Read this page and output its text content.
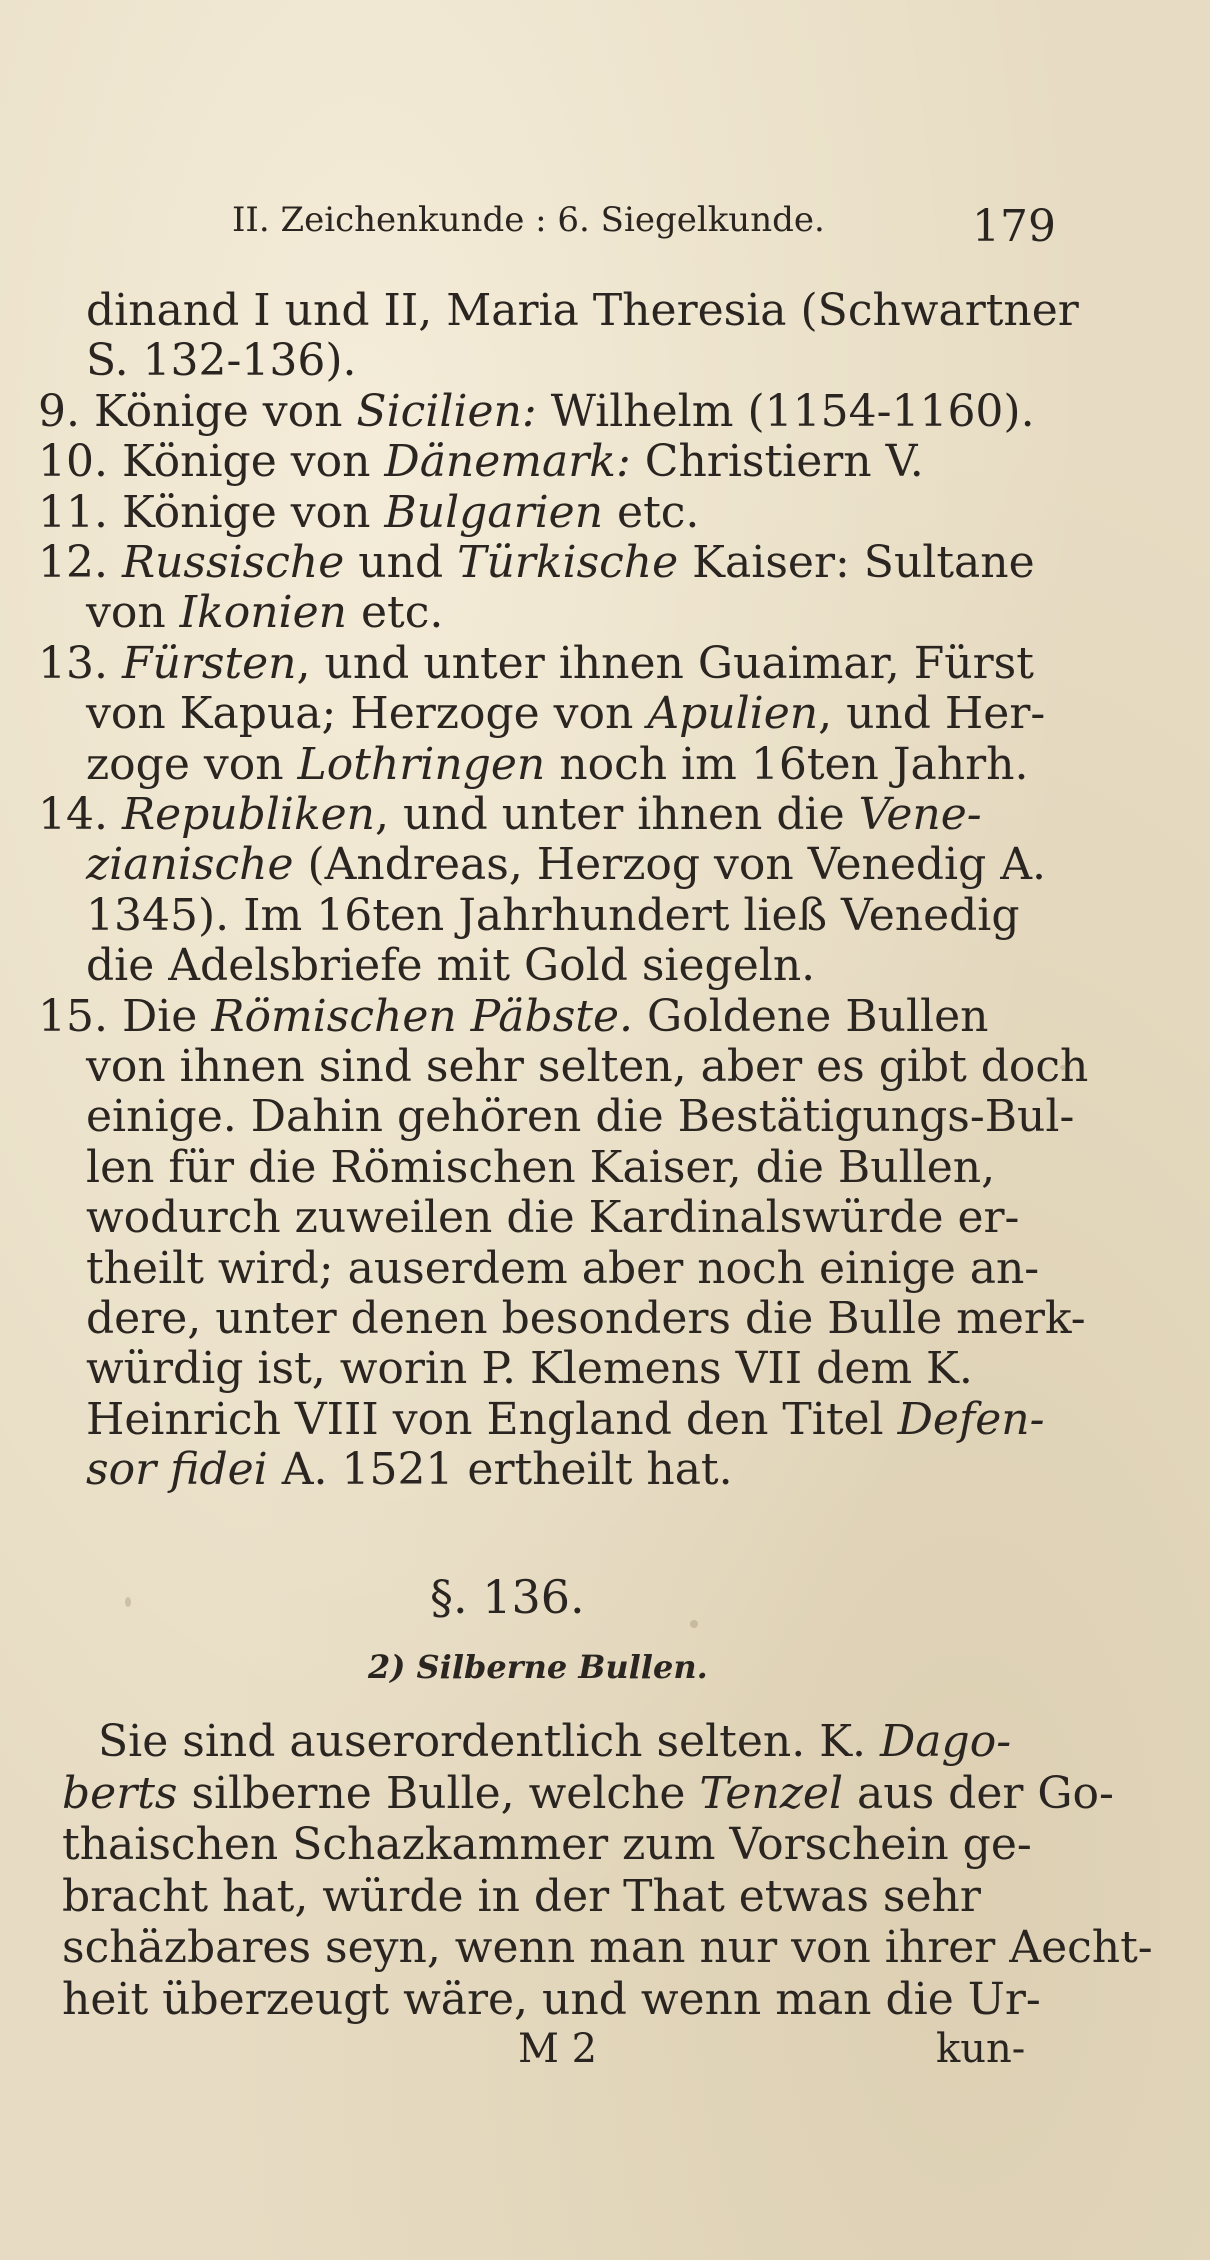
II. Zeichenkunde : 6. Siegelkunde.	179
dinand I und II, Maria Theresia (Schwartner
S. 132-136).
9. Könige von Sicilien: Wilhelm (1154-1160).
10. Könige von Dänemark: Christiern V.
11. Könige von Bulgarien etc.
12. Russische und Türkische Kaiser: Sultane
von Ikonien etc.
13. Fürsten, und unter ihnen Guaimar, Fürst
von Kapua; Herzoge von Apulien, und Her-
zoge von Lothringen noch im 16ten Jahrh.
14. Republiken, und unter ihnen die Vene-
zianische (Andreas, Herzog von Venedig A.
1345). Im 16ten Jahrhundert ließ Venedig
die Adelsbriefe mit Gold siegeln.
15. Die Römischen Päbste. Goldene Bullen
von ihnen sind sehr selten, aber es gibt doch
einige. Dahin gehören die Bestätigungs-Bul-
len für die Römischen Kaiser, die Bullen,
wodurch zuweilen die Kardinalswürde er-
theilt wird; auserdem aber noch einige an-
dere, unter denen besonders die Bulle merk-
würdig ist, worin P. Klemens VII dem K.
Heinrich VIII von England den Titel Defen-
sor fidei A. 1521 ertheilt hat.
§. 136.
2) Silberne Bullen.
Sie sind auserordentlich selten. K. Dago-
berts silberne Bulle, welche Tenzel aus der Go-
thaischen Schazkammer zum Vorschein ge-
bracht hat, würde in der That etwas sehr
schäzbares seyn, wenn man nur von ihrer Aecht-
heit überzeugt wäre, und wenn man die Ur-
M 2	kun-
